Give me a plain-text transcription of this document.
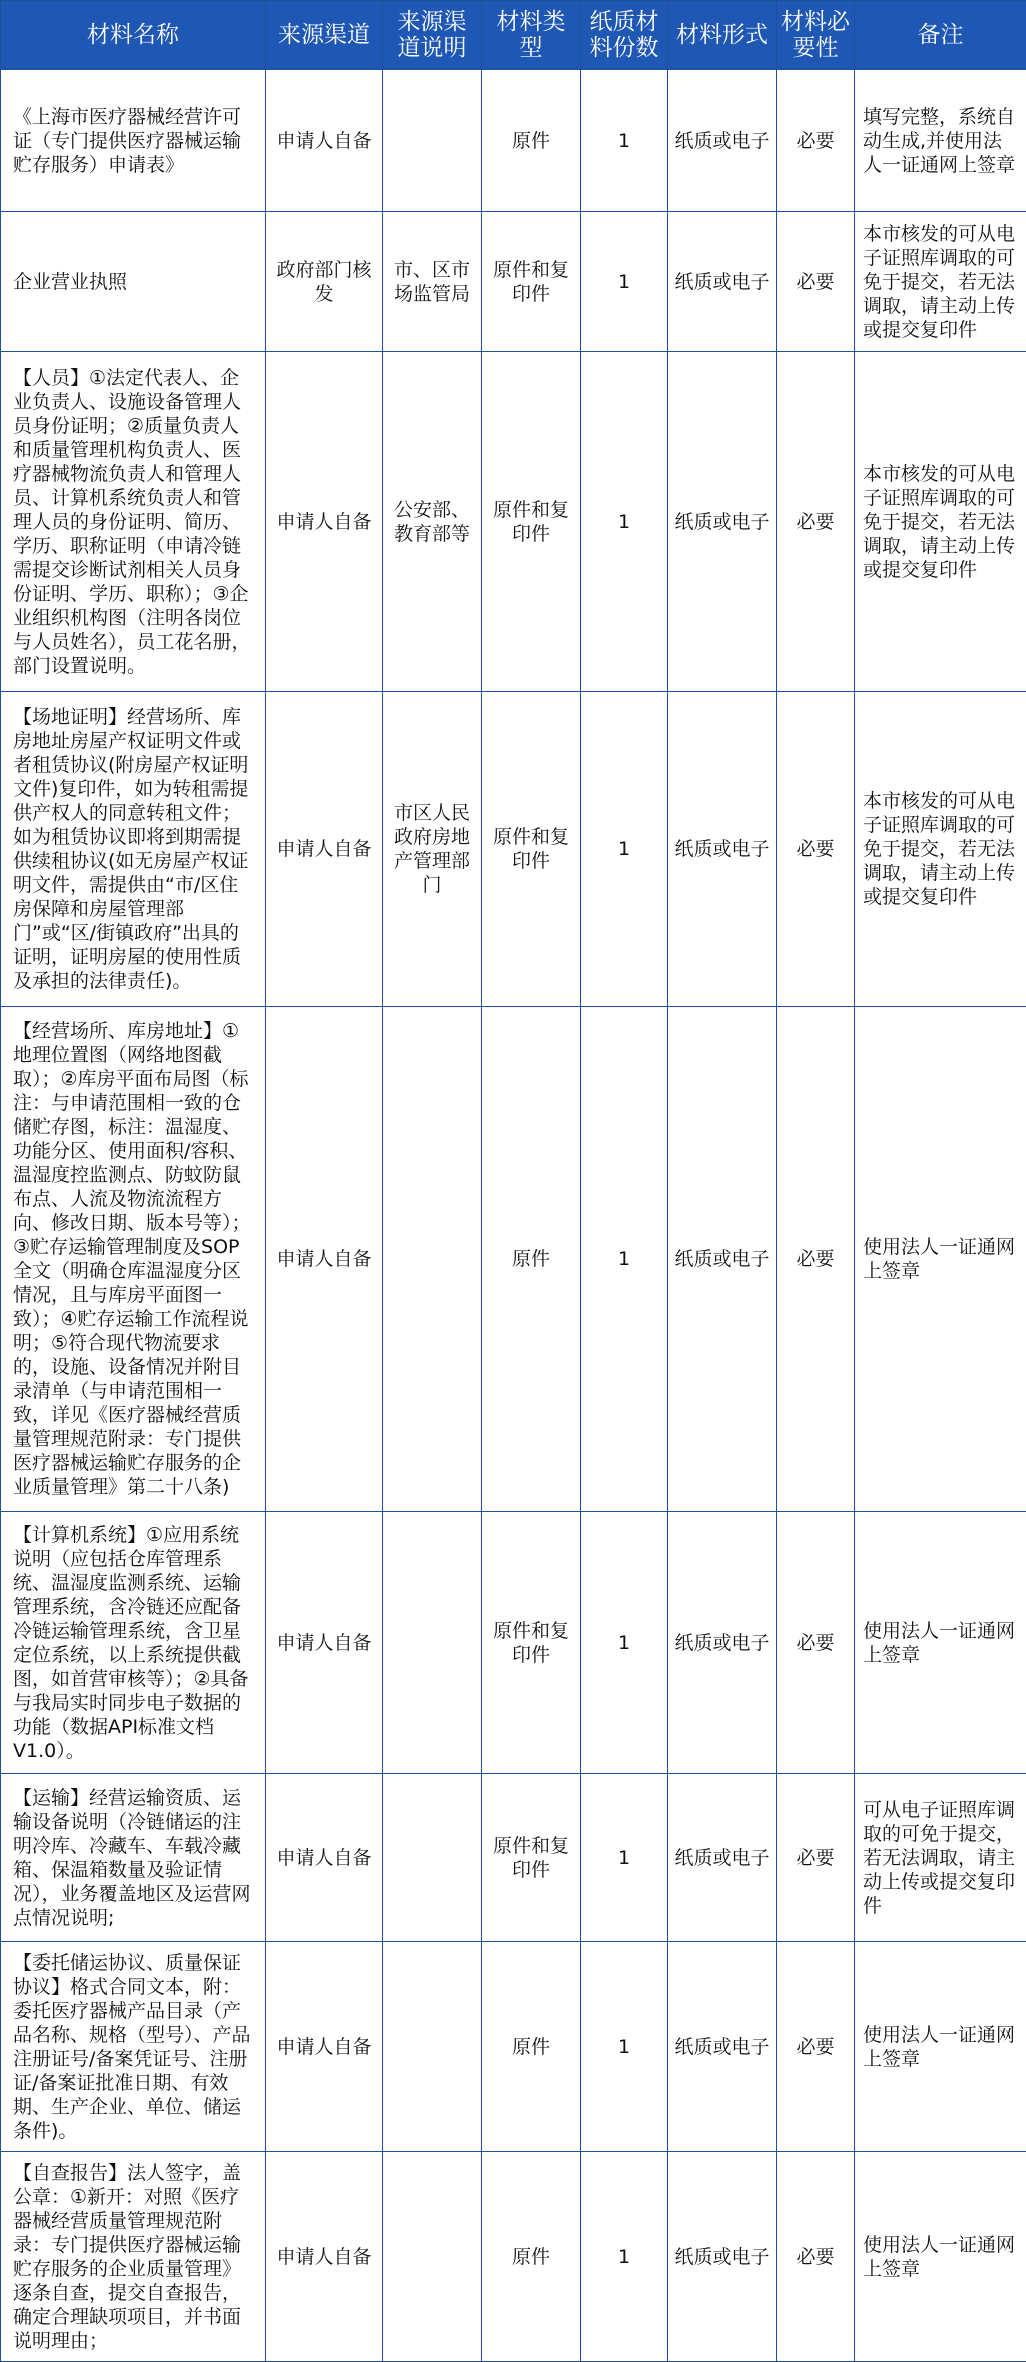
材料名称	来源渠道	来源渠道说明	材料类型	纸质材料份数	材料形式	材料必要性	备注
《上海市医疗器械经营许可证（专门提供医疗器械运输贮存服务）申请表》	申请人自备		原件	1	纸质或电子	必要	填写完整，系统自动生成,并使用法人一证通网上签章
企业营业执照	政府部门核发	市、区市场监管局	原件和复印件	1	纸质或电子	必要	本市核发的可从电子证照库调取的可免于提交，若无法调取，请主动上传或提交复印件
【人员】①法定代表人、企业负责人、设施设备管理人员身份证明；②质量负责人和质量管理机构负责人、医疗器械物流负责人和管理人员、计算机系统负责人和管理人员的身份证明、简历、学历、职称证明（申请冷链需提交诊断试剂相关人员身份证明、学历、职称）；③企业组织机构图（注明各岗位与人员姓名），员工花名册，部门设置说明。	申请人自备	公安部、教育部等	原件和复印件	1	纸质或电子	必要	本市核发的可从电子证照库调取的可免于提交，若无法调取，请主动上传或提交复印件
【场地证明】经营场所、库房地址房屋产权证明文件或者租赁协议(附房屋产权证明文件)复印件，如为转租需提供产权人的同意转租文件；如为租赁协议即将到期需提供续租协议(如无房屋产权证明文件，需提供由“市/区住房保障和房屋管理部门”或“区/街镇政府”出具的证明，证明房屋的使用性质及承担的法律责任)。	申请人自备	市区人民政府房地产管理部门	原件和复印件	1	纸质或电子	必要	本市核发的可从电子证照库调取的可免于提交，若无法调取，请主动上传或提交复印件
【经营场所、库房地址】①地理位置图（网络地图截取）；②库房平面布局图（标注：与申请范围相一致的仓储贮存图，标注：温湿度、功能分区、使用面积/容积、温湿度控监测点、防蚊防鼠布点、人流及物流流程方向、修改日期、版本号等）；③贮存运输管理制度及SOP全文（明确仓库温湿度分区情况，且与库房平面图一致）；④贮存运输工作流程说明；⑤符合现代物流要求的，设施、设备情况并附目录清单（与申请范围相一致，详见《医疗器械经营质量管理规范附录：专门提供医疗器械运输贮存服务的企业质量管理》第二十八条)	申请人自备		原件	1	纸质或电子	必要	使用法人一证通网上签章
【计算机系统】①应用系统说明（应包括仓库管理系统、温湿度监测系统、运输管理系统，含冷链还应配备冷链运输管理系统，含卫星定位系统，以上系统提供截图，如首营审核等）；②具备与我局实时同步电子数据的功能（数据API标准文档V1.0）。	申请人自备		原件和复印件	1	纸质或电子	必要	使用法人一证通网上签章
【运输】经营运输资质、运输设备说明（冷链储运的注明冷库、冷藏车、车载冷藏箱、保温箱数量及验证情况），业务覆盖地区及运营网点情况说明;	申请人自备		原件和复印件	1	纸质或电子	必要	可从电子证照库调取的可免于提交，若无法调取，请主动上传或提交复印件
【委托储运协议、质量保证协议】格式合同文本，附：委托医疗器械产品目录（产品名称、规格（型号）、产品注册证号/备案凭证号、注册证/备案证批准日期、有效期、生产企业、单位、储运条件)。	申请人自备		原件	1	纸质或电子	必要	使用法人一证通网上签章
【自查报告】法人签字，盖公章：①新开：对照《医疗器械经营质量管理规范附录：专门提供医疗器械运输贮存服务的企业质量管理》逐条自查，提交自查报告，确定合理缺项项目，并书面说明理由；	申请人自备		原件	1	纸质或电子	必要	使用法人一证通网上签章
